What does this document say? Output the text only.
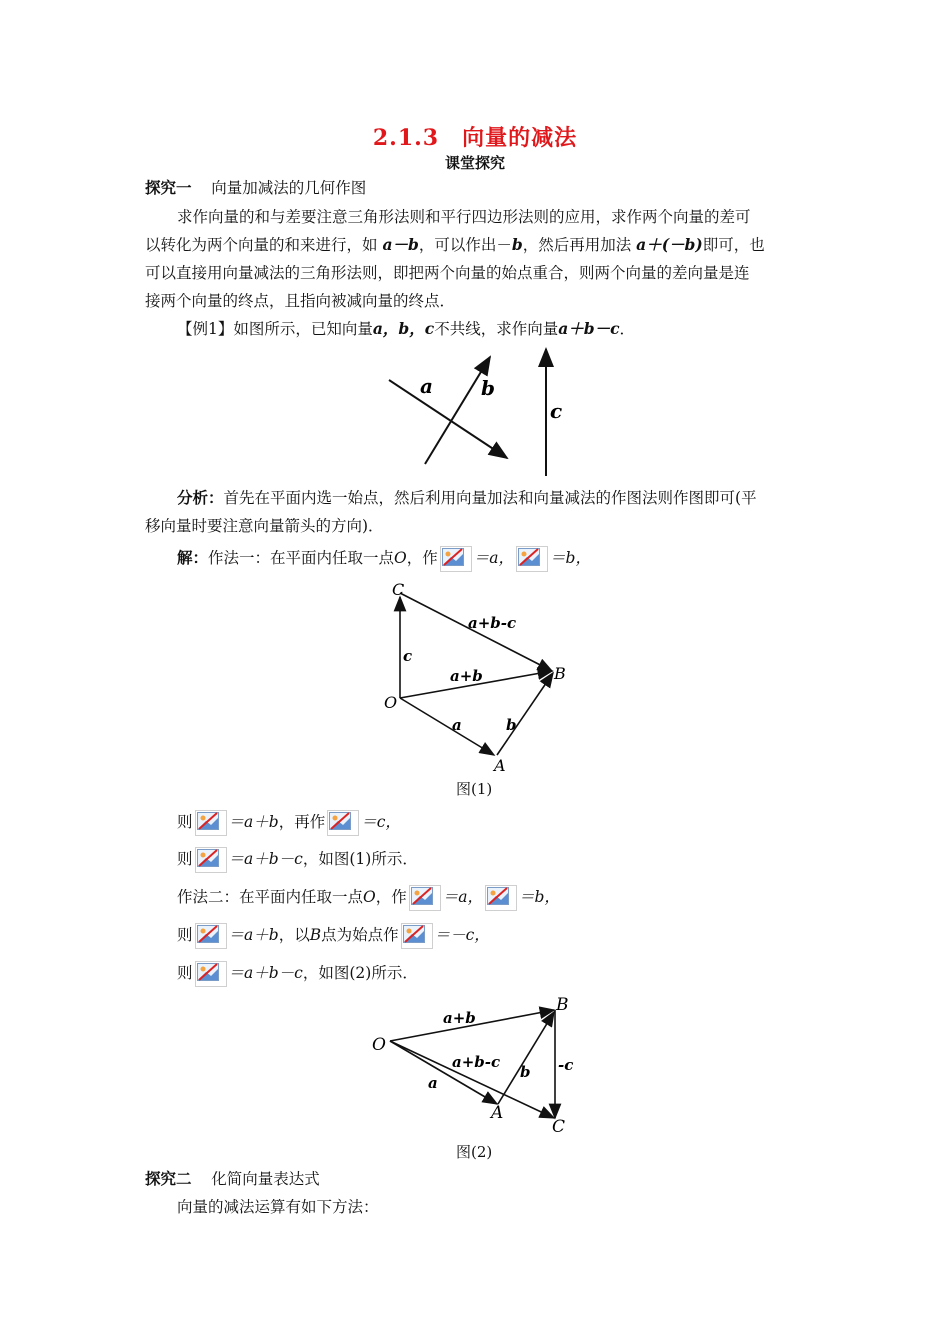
2.1.3　向量的减法
课堂探究
探究一 向量加减法的几何作图
求作向量的和与差要注意三角形法则和平行四边形法则的应用，求作两个向量的差可
以转化为两个向量的和来进行，如 a－b，可以作出－b，然后再用加法 a＋(－b)即可，也
可以直接用向量减法的三角形法则，即把两个向量的始点重合，则两个向量的差向量是连
接两个向量的终点，且指向被减向量的终点．
【例1】如图所示，已知向量a，b，c不共线，求作向量a＋b－c．
a b
c
分析：首先在平面内选一始点，然后利用向量加法和向量减法的作图法则作图即可(平
移向量时要注意向量箭头的方向)．
解：作法一：在平面内任取一点O，作 ＝a， ＝b，
C
B
O
A
a+b-c
c
a+b
a	b
图(1)
则 ＝a＋b，再作 ＝c，
则 ＝a＋b－c，如图(1)所示．
作法二：在平面内任取一点O，作 ＝a， ＝b，
则 ＝a＋b，以B点为始点作 ＝－c，
则 ＝a＋b－c，如图(2)所示．
O
B
A
C
a+b
a+b-c
a
b -c
图(2)
探究二 化简向量表达式
向量的减法运算有如下方法：
